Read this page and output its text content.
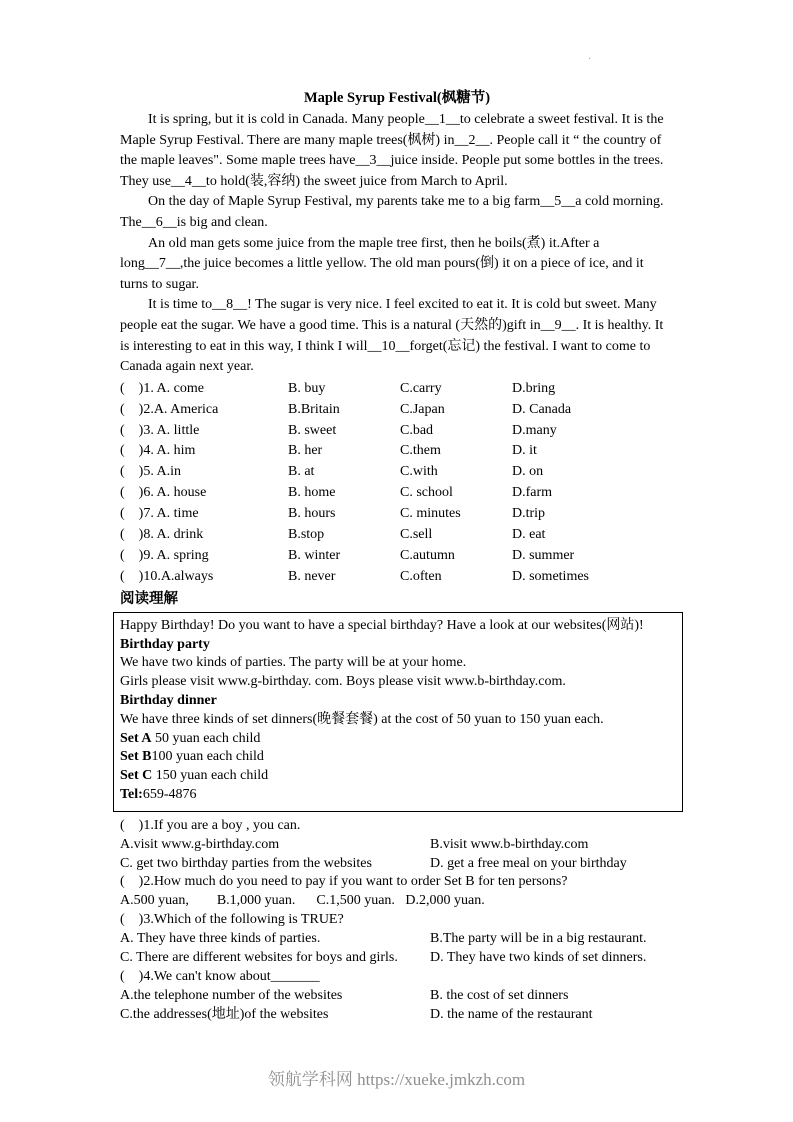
·
Maple Syrup Festival(枫糖节)

It is spring, but it is cold in Canada. Many people__1__to celebrate a sweet festival. It is the Maple Syrup Festival. There are many maple trees(枫树) in__2__. People call it “ the country of the maple leaves". Some maple trees have__3__juice inside. People put some bottles in the trees. They use__4__to hold(装,容纳) the sweet juice from March to April.

On the day of Maple Syrup Festival, my parents take me to a big farm__5__a cold morning. The__6__is big and clean.

An old man gets some juice from the maple tree first, then he boils(煮) it.After a long__7__,the juice becomes a little yellow. The old man pours(倒) it on a piece of ice, and it turns to sugar.

It is time to__8__! The sugar is very nice. I feel excited to eat it. It is cold but sweet. Many people eat the sugar. We have a good time. This is a natural (天然的)gift in__9__. It is healthy. It is interesting to eat in this way, I think I will__10__forget(忘记) the festival. I want to come to Canada again next year.

(    )1. A. come	B. buy	C.carry	D.bring
(    )2.A. America	B.Britain	C.Japan	D. Canada
(    )3. A. little	B. sweet	C.bad	D.many
(    )4. A. him	B. her	C.them	D. it
(    )5. A.in	B. at	C.with	D. on
(    )6. A. house	B. home	C. school	D.farm
(    )7. A. time	B. hours	C. minutes	D.trip
(    )8. A. drink	B.stop	C.sell	D. eat
(    )9. A. spring	B. winter	C.autumn	D. summer
(    )10.A.always	B. never	C.often	D. sometimes
阅读理解
Happy Birthday! Do you want to have a special birthday? Have a look at our websites(网站)!
Birthday party
We have two kinds of parties. The party will be at your home.
Girls please visit www.g-birthday. com. Boys please visit www.b-birthday.com.
Birthday dinner
We have three kinds of set dinners(晚餐套餐) at the cost of 50 yuan to 150 yuan each.
Set A 50 yuan each child
Set B100 yuan each child
Set C 150 yuan each child
Tel:659-4876
(    )1.If you are a boy , you can.
A.visit www.g-birthday.com	B.visit www.b-birthday.com
C. get two birthday parties from the websites	D. get a free meal on your birthday
(    )2.How much do you need to pay if you want to order Set B for ten persons?
A.500 yuan,        B.1,000 yuan.      C.1,500 yuan.   D.2,000 yuan.
(    )3.Which of the following is TRUE?
A. They have three kinds of parties.	B.The party will be in a big restaurant.
C. There are different websites for boys and girls.	D. They have two kinds of set dinners.
(    )4.We can't know about_______
A.the telephone number of the websites	B. the cost of set dinners
C.the addresses(地址)of the websites	D. the name of the restaurant
领航学科网 https://xueke.jmkzh.com
